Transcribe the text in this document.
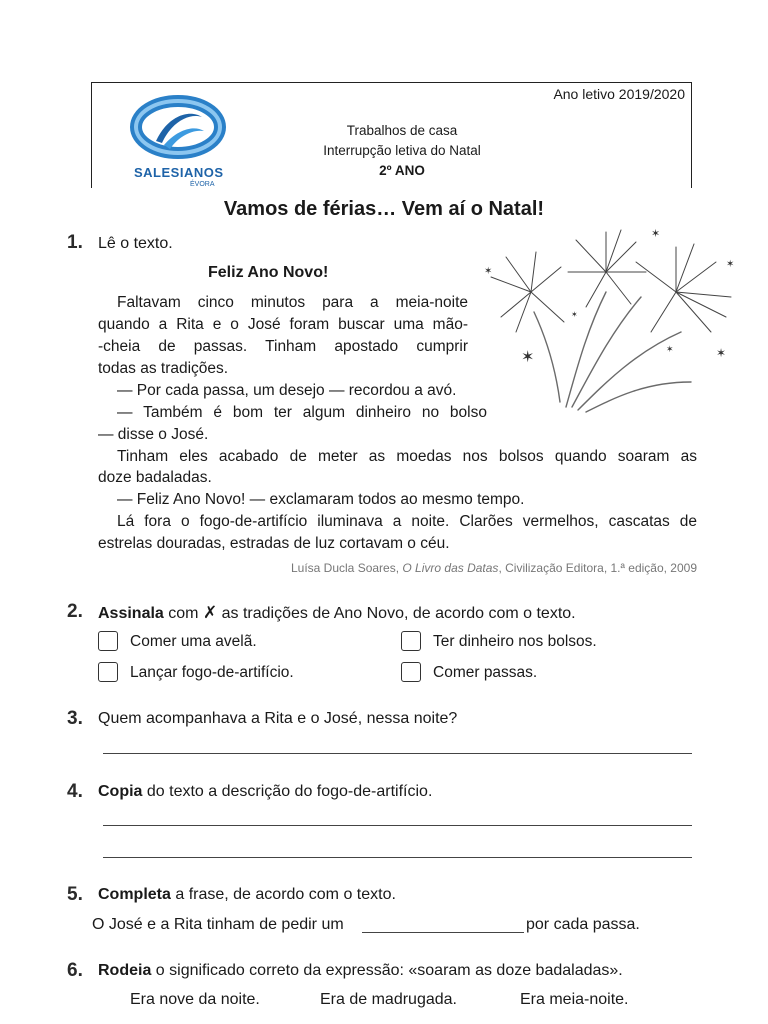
Ano letivo 2019/2020
SALESIANOS
ÉVORA
Trabalhos de casa
Interrupção letiva do Natal
2º ANO
Vamos de férias… Vem aí o Natal!
1. Lê o texto.
Feliz Ano Novo!
Faltavam cinco minutos para a meia-noite
quando a Rita e o José foram buscar uma mão-
-cheia de passas. Tinham apostado cumprir
todas as tradições.
— Por cada passa, um desejo — recordou a avó.
— Também é bom ter algum dinheiro no bolso
— disse o José.
Tinham eles acabado de meter as moedas nos bolsos quando soaram as
doze badaladas.
— Feliz Ano Novo! — exclamaram todos ao mesmo tempo.
Lá fora o fogo-de-artifício iluminava a noite. Clarões vermelhos, cascatas de
estrelas douradas, estradas de luz cortavam o céu.
Luísa Ducla Soares, O Livro das Datas, Civilização Editora, 1.ª edição, 2009
✶	✶
✶
✶
✶
✶
✶
2. Assinala com ✗ as tradições de Ano Novo, de acordo com o texto.
Comer uma avelã.	Ter dinheiro nos bolsos.
Lançar fogo-de-artifício.	Comer passas.
3. Quem acompanhava a Rita e o José, nessa noite?
4. Copia do texto a descrição do fogo-de-artifício.
5. Completa a frase, de acordo com o texto.
O José e a Rita tinham de pedir um	por cada passa.
6. Rodeia o significado correto da expressão: «soaram as doze badaladas».
Era nove da noite.	Era de madrugada.	Era meia-noite.
